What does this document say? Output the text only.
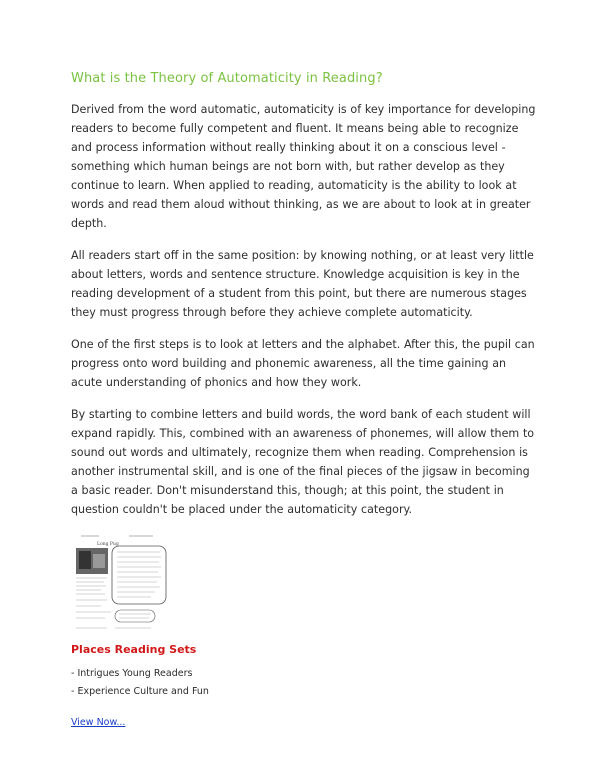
What is the Theory of Automaticity in Reading?

Derived from the word automatic, automaticity is of key importance for developing readers to become fully competent and fluent. It means being able to recognize and process information without really thinking about it on a conscious level - something which human beings are not born with, but rather develop as they continue to learn. When applied to reading, automaticity is the ability to look at words and read them aloud without thinking, as we are about to look at in greater depth.

All readers start off in the same position: by knowing nothing, or at least very little about letters, words and sentence structure. Knowledge acquisition is key in the reading development of a student from this point, but there are numerous stages they must progress through before they achieve complete automaticity.

One of the first steps is to look at letters and the alphabet. After this, the pupil can progress onto word building and phonemic awareness, all the time gaining an acute understanding of phonics and how they work.

By starting to combine letters and build words, the word bank of each student will expand rapidly. This, combined with an awareness of phonemes, will allow them to sound out words and ultimately, recognize them when reading. Comprehension is another instrumental skill, and is one of the final pieces of the jigsaw in becoming a basic reader. Don't misunderstand this, though; at this point, the student in question couldn't be placed under the automaticity category.

Long Pug
Places Reading Sets
- Intrigues Young Readers
- Experience Culture and Fun
View Now...
